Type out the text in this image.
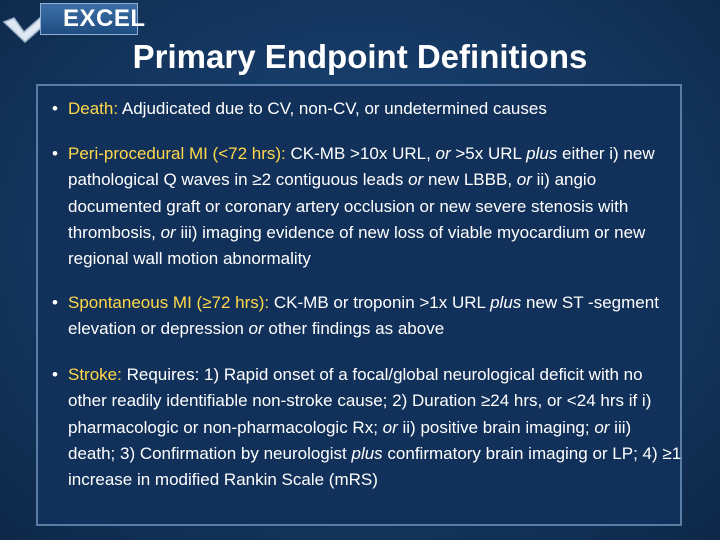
EXCEL
Primary Endpoint Definitions
• Death: Adjudicated due to CV, non-CV, or undetermined causes
• Peri-procedural MI (<72 hrs): CK-MB >10x URL, or >5x URL plus either i) new pathological Q waves in ≥2 contiguous leads or new LBBB, or ii) angio documented graft or coronary artery occlusion or new severe stenosis with thrombosis, or iii) imaging evidence of new loss of viable myocardium or new regional wall motion abnormality
• Spontaneous MI (≥72 hrs): CK-MB or troponin >1x URL plus new ST -segment elevation or depression or other findings as above
• Stroke: Requires: 1) Rapid onset of a focal/global neurological deficit with no other readily identifiable non-stroke cause; 2) Duration ≥24 hrs, or <24 hrs if i) pharmacologic or non-pharmacologic Rx; or ii) positive brain imaging; or iii) death; 3) Confirmation by neurologist plus confirmatory brain imaging or LP; 4) ≥1 increase in modified Rankin Scale (mRS)
